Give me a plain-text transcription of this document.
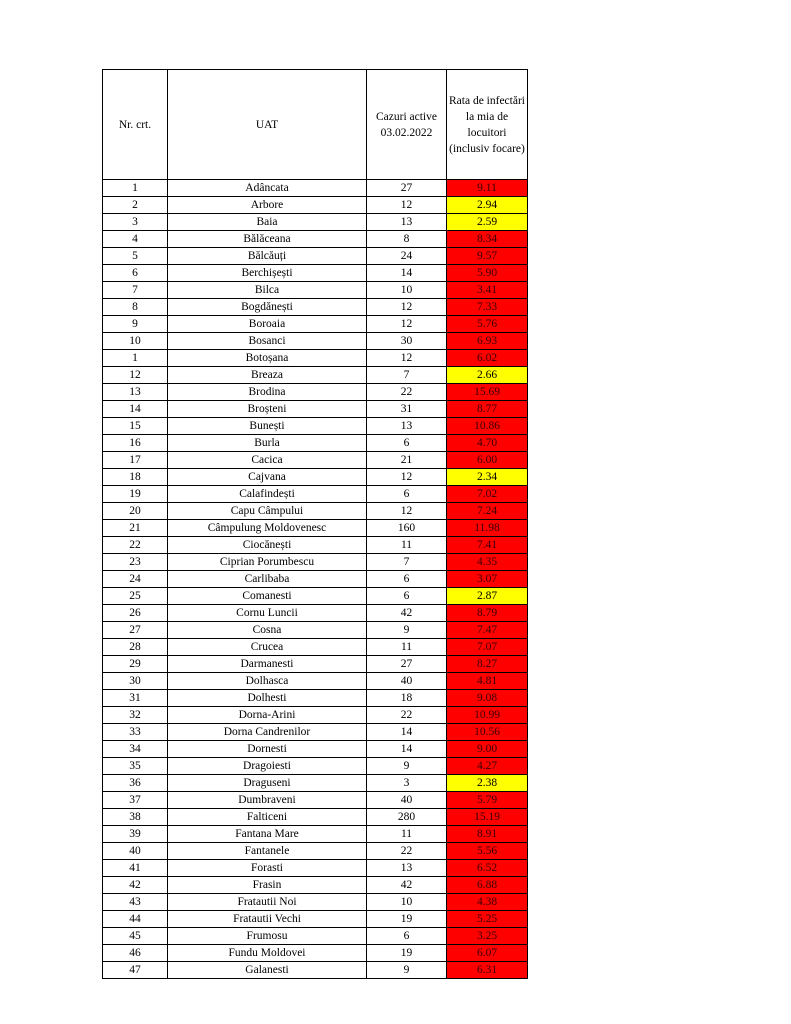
Nr. crt.	UAT	Cazuri active 03.02.2022	Rata de infectări la mia de locuitori (inclusiv focare)
1	Adâncata	27	9.11
2	Arbore	12	2.94
3	Baia	13	2.59
4	Bălăceana	8	8.34
5	Bălcăuți	24	9.57
6	Berchișești	14	5.90
7	Bilca	10	3.41
8	Bogdănești	12	7.33
9	Boroaia	12	5.76
10	Bosanci	30	6.93
1	Botoșana	12	6.02
12	Breaza	7	2.66
13	Brodina	22	15.69
14	Broșteni	31	8.77
15	Bunești	13	10.86
16	Burla	6	4.70
17	Cacica	21	6.00
18	Cajvana	12	2.34
19	Calafindești	6	7.02
20	Capu Câmpului	12	7.24
21	Câmpulung Moldovenesc	160	11.98
22	Ciocănești	11	7.41
23	Ciprian Porumbescu	7	4.35
24	Carlibaba	6	3.07
25	Comanesti	6	2.87
26	Cornu Luncii	42	8.79
27	Cosna	9	7.47
28	Crucea	11	7.07
29	Darmanesti	27	8.27
30	Dolhasca	40	4.81
31	Dolhesti	18	9.08
32	Dorna-Arini	22	10.99
33	Dorna Candrenilor	14	10.56
34	Dornesti	14	9.00
35	Dragoiesti	9	4.27
36	Draguseni	3	2.38
37	Dumbraveni	40	5.79
38	Falticeni	280	15.19
39	Fantana Mare	11	8.91
40	Fantanele	22	5.56
41	Forasti	13	6.52
42	Frasin	42	6.88
43	Fratautii Noi	10	4.38
44	Fratautii Vechi	19	5.25
45	Frumosu	6	3.25
46	Fundu Moldovei	19	6.07
47	Galanesti	9	6.31
